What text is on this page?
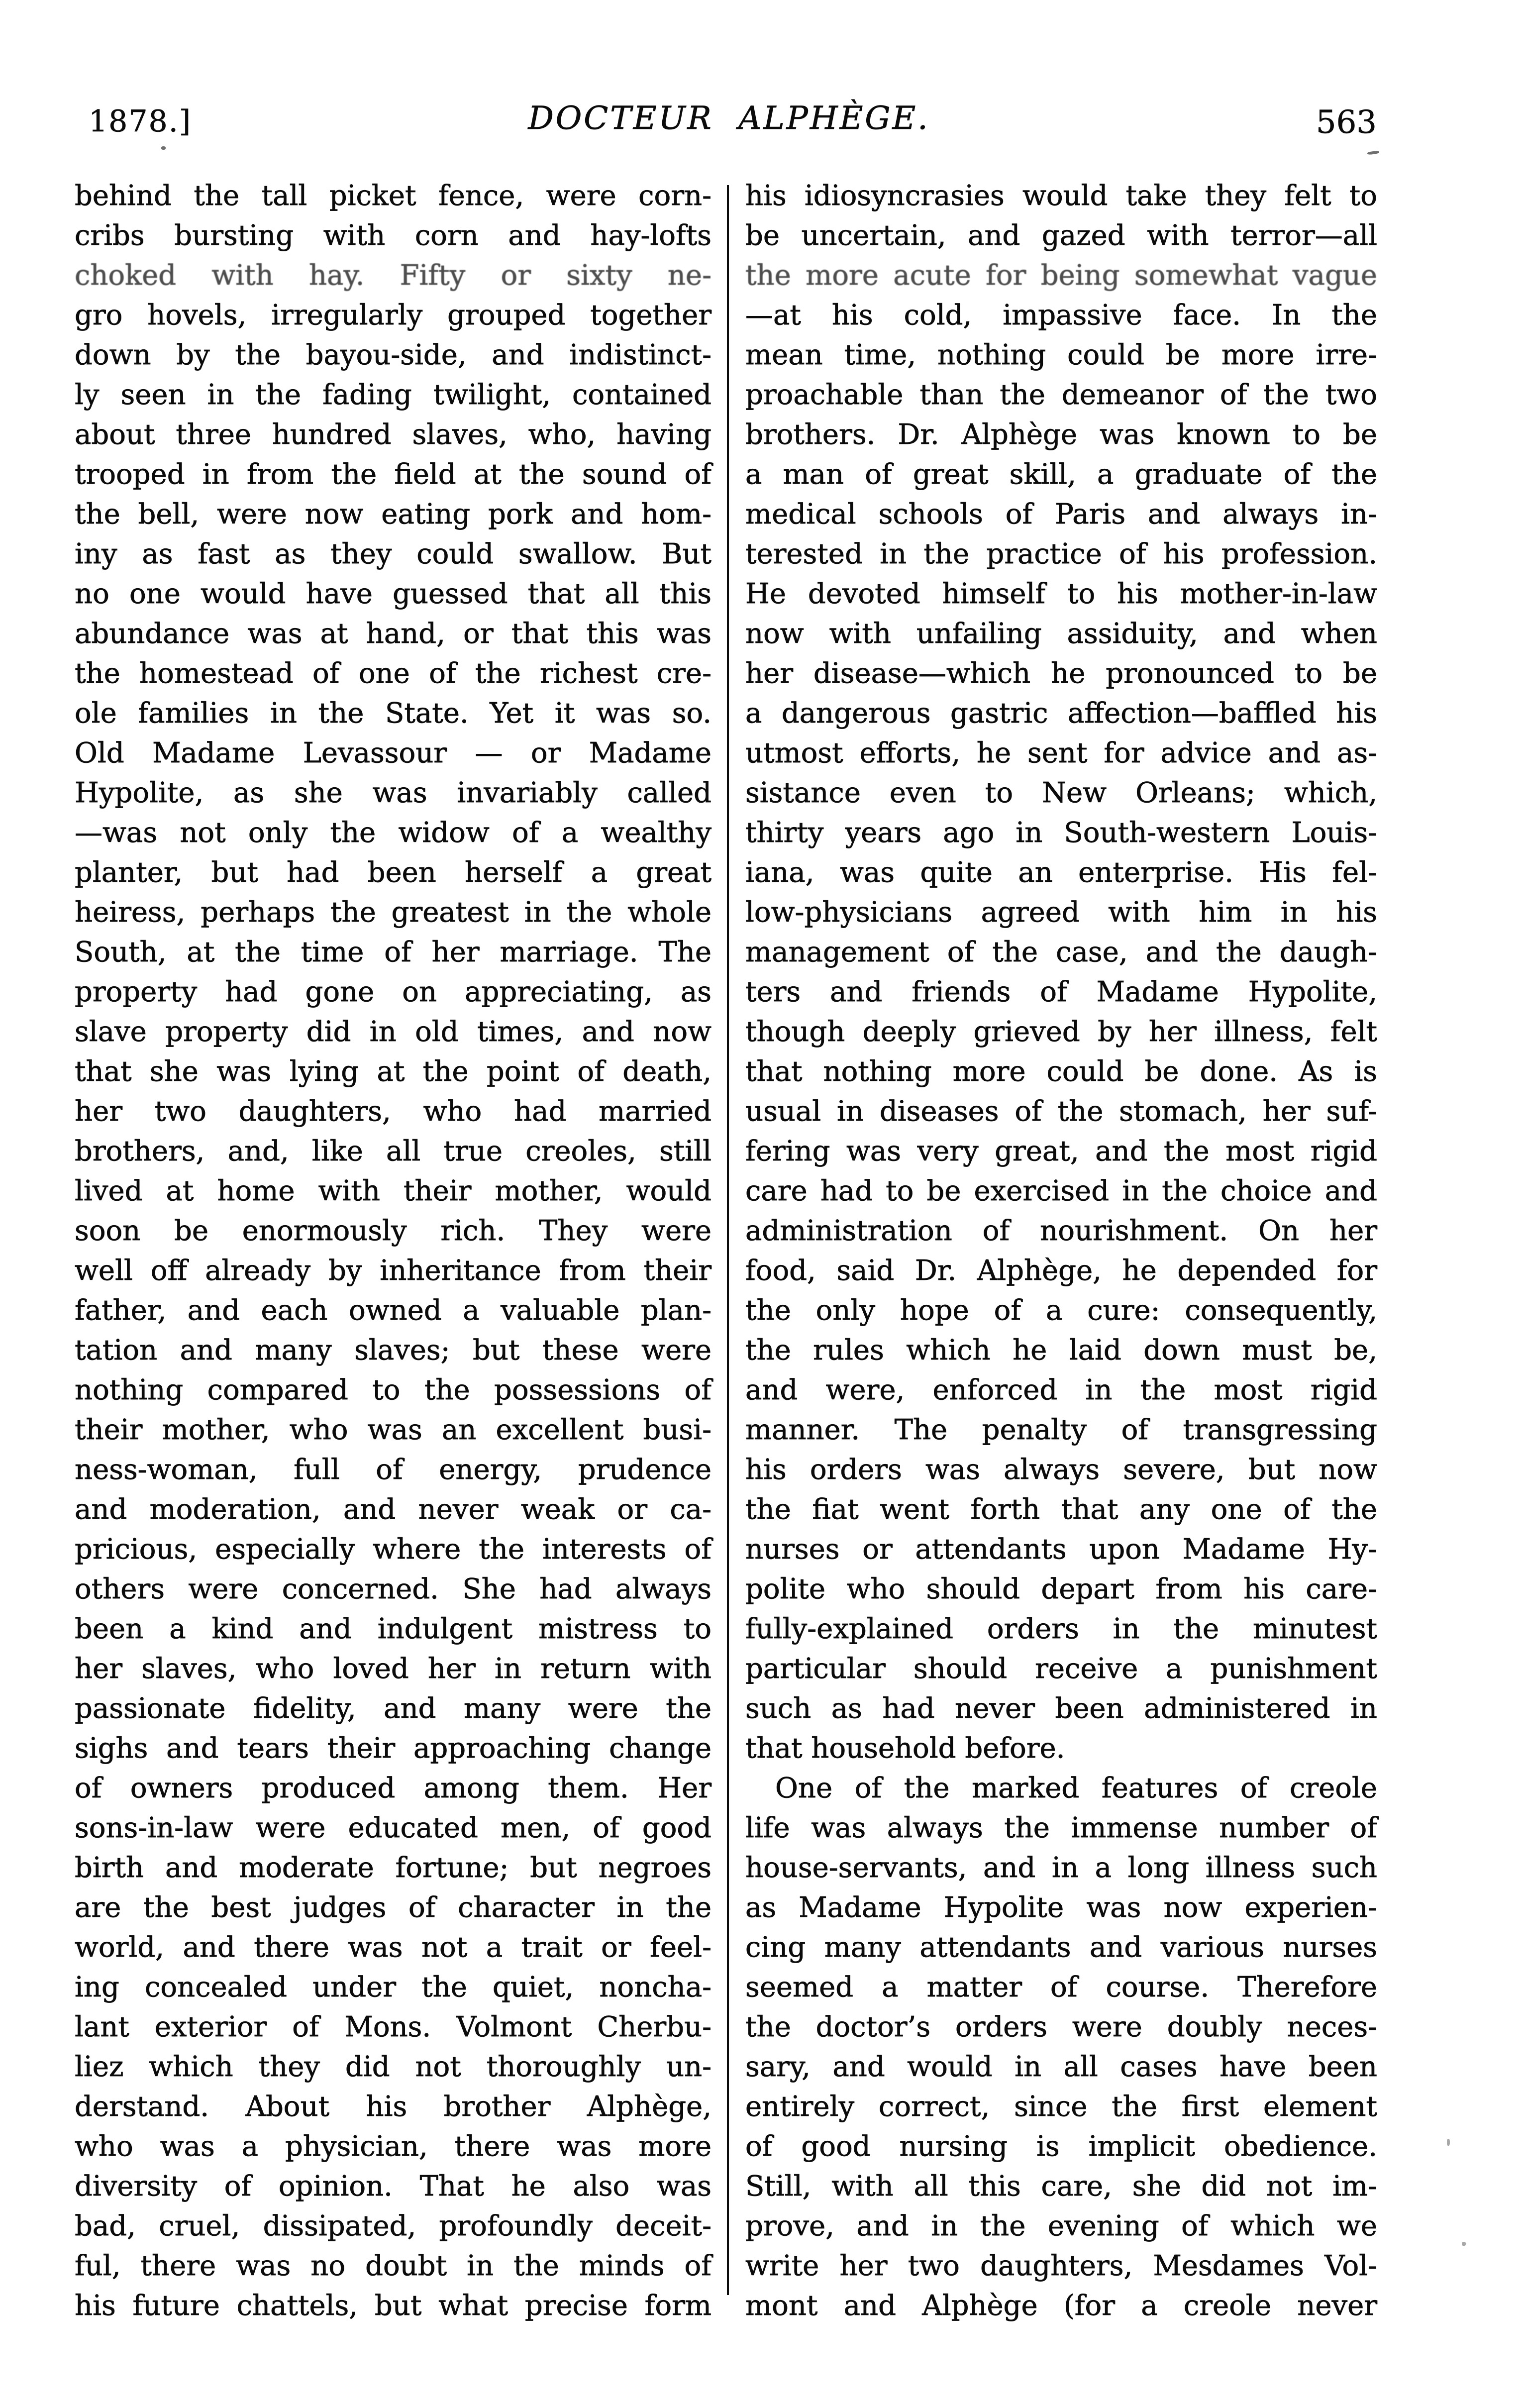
1878.]	DOCTEUR ALPHÈGE.	563
behind the tall picket fence, were corn-
cribs bursting with corn and hay-lofts
choked with hay. Fifty or sixty ne-
gro hovels, irregularly grouped together
down by the bayou-side, and indistinct-
ly seen in the fading twilight, contained
about three hundred slaves, who, having
trooped in from the field at the sound of
the bell, were now eating pork and hom-
iny as fast as they could swallow. But
no one would have guessed that all this
abundance was at hand, or that this was
the homestead of one of the richest cre-
ole families in the State. Yet it was so.
Old Madame Levassour — or Madame
Hypolite, as she was invariably called
—was not only the widow of a wealthy
planter, but had been herself a great
heiress, perhaps the greatest in the whole
South, at the time of her marriage. The
property had gone on appreciating, as
slave property did in old times, and now
that she was lying at the point of death,
her two daughters, who had married
brothers, and, like all true creoles, still
lived at home with their mother, would
soon be enormously rich. They were
well off already by inheritance from their
father, and each owned a valuable plan-
tation and many slaves; but these were
nothing compared to the possessions of
their mother, who was an excellent busi-
ness-woman, full of energy, prudence
and moderation, and never weak or ca-
pricious, especially where the interests of
others were concerned. She had always
been a kind and indulgent mistress to
her slaves, who loved her in return with
passionate fidelity, and many were the
sighs and tears their approaching change
of owners produced among them. Her
sons-in-law were educated men, of good
birth and moderate fortune; but negroes
are the best judges of character in the
world, and there was not a trait or feel-
ing concealed under the quiet, noncha-
lant exterior of Mons. Volmont Cherbu-
liez which they did not thoroughly un-
derstand. About his brother Alphège,
who was a physician, there was more
diversity of opinion. That he also was
bad, cruel, dissipated, profoundly deceit-
ful, there was no doubt in the minds of
his future chattels, but what precise form
his idiosyncrasies would take they felt to
be uncertain, and gazed with terror—all
the more acute for being somewhat vague
—at his cold, impassive face. In the
mean time, nothing could be more irre-
proachable than the demeanor of the two
brothers. Dr. Alphège was known to be
a man of great skill, a graduate of the
medical schools of Paris and always in-
terested in the practice of his profession.
He devoted himself to his mother-in-law
now with unfailing assiduity, and when
her disease—which he pronounced to be
a dangerous gastric affection—baffled his
utmost efforts, he sent for advice and as-
sistance even to New Orleans; which,
thirty years ago in South-western Louis-
iana, was quite an enterprise. His fel-
low-physicians agreed with him in his
management of the case, and the daugh-
ters and friends of Madame Hypolite,
though deeply grieved by her illness, felt
that nothing more could be done. As is
usual in diseases of the stomach, her suf-
fering was very great, and the most rigid
care had to be exercised in the choice and
administration of nourishment. On her
food, said Dr. Alphège, he depended for
the only hope of a cure: consequently,
the rules which he laid down must be,
and were, enforced in the most rigid
manner. The penalty of transgressing
his orders was always severe, but now
the fiat went forth that any one of the
nurses or attendants upon Madame Hy-
polite who should depart from his care-
fully-explained orders in the minutest
particular should receive a punishment
such as had never been administered in
that household before.
One of the marked features of creole
life was always the immense number of
house-servants, and in a long illness such
as Madame Hypolite was now experien-
cing many attendants and various nurses
seemed a matter of course. Therefore
the doctor’s orders were doubly neces-
sary, and would in all cases have been
entirely correct, since the first element
of good nursing is implicit obedience.
Still, with all this care, she did not im-
prove, and in the evening of which we
write her two daughters, Mesdames Vol-
mont and Alphège (for a creole never
